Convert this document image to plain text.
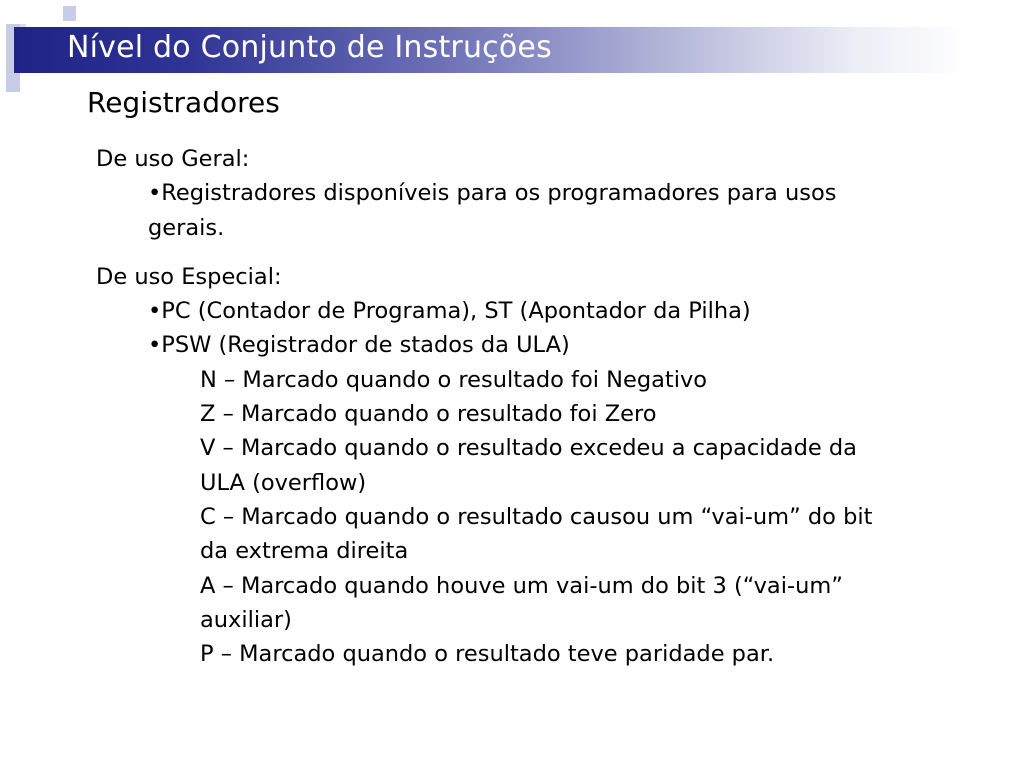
Nível do Conjunto de Instruções
Registradores

De uso Geral:

•Registradores disponíveis para os programadores para usos gerais.

De uso Especial:

•PC (Contador de Programa), ST (Apontador da Pilha)

•PSW (Registrador de stados da ULA)

N – Marcado quando o resultado foi Negativo

Z – Marcado quando o resultado foi Zero

V – Marcado quando o resultado excedeu a capacidade da ULA (overflow)

C – Marcado quando o resultado causou um “vai-um” do bit da extrema direita

A – Marcado quando houve um vai-um do bit 3 (“vai-um” auxiliar)

P – Marcado quando o resultado teve paridade par.
